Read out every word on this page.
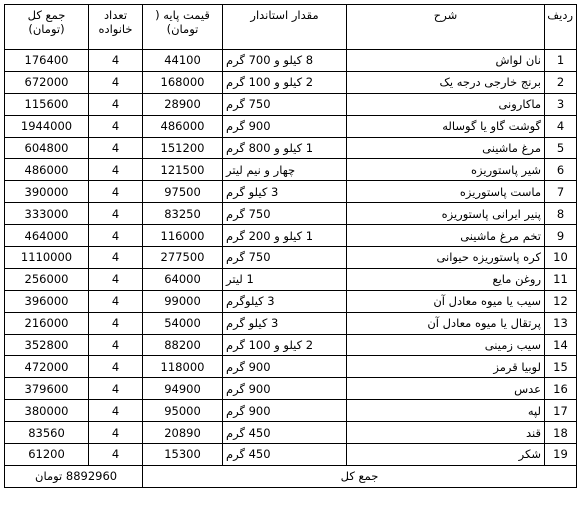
ردیف	شرح	مقدار استاندار	قیمت پایه ( تومان)	تعداد خانواده	جمع کل (تومان)
1	نان لواش	8 کیلو و 700 گرم	44100	4	176400
2	برنج خارجی درجه یک	2 کیلو و 100 گرم	168000	4	672000
3	ماکارونی	750 گرم	28900	4	115600
4	گوشت گاو یا گوساله	900 گرم	486000	4	1944000
5	مرغ ماشینی	1 کیلو و 800 گرم	151200	4	604800
6	شیر پاستوریزه	چهار و نیم لیتر	121500	4	486000
7	ماست پاستوریزه	3 کیلو گرم	97500	4	390000
8	پنیر ایرانی پاستوریزه	750 گرم	83250	4	333000
9	تخم مرغ ماشینی	1 کیلو و 200 گرم	116000	4	464000
10	کره پاستوریزه حیوانی	750 گرم	277500	4	1110000
11	روغن مایع	1 لیتر	64000	4	256000
12	سیب یا میوه معادل آن	3 کیلوگرم	99000	4	396000
13	پرتقال یا میوه معادل آن	3 کیلو گرم	54000	4	216000
14	سیب زمینی	2 کیلو و 100 گرم	88200	4	352800
15	لوبیا قرمز	900 گرم	118000	4	472000
16	عدس	900 گرم	94900	4	379600
17	لپه	900 گرم	95000	4	380000
18	قند	450 گرم	20890	4	83560
19	شکر	450 گرم	15300	4	61200
جمع کل				8892960 تومان	
